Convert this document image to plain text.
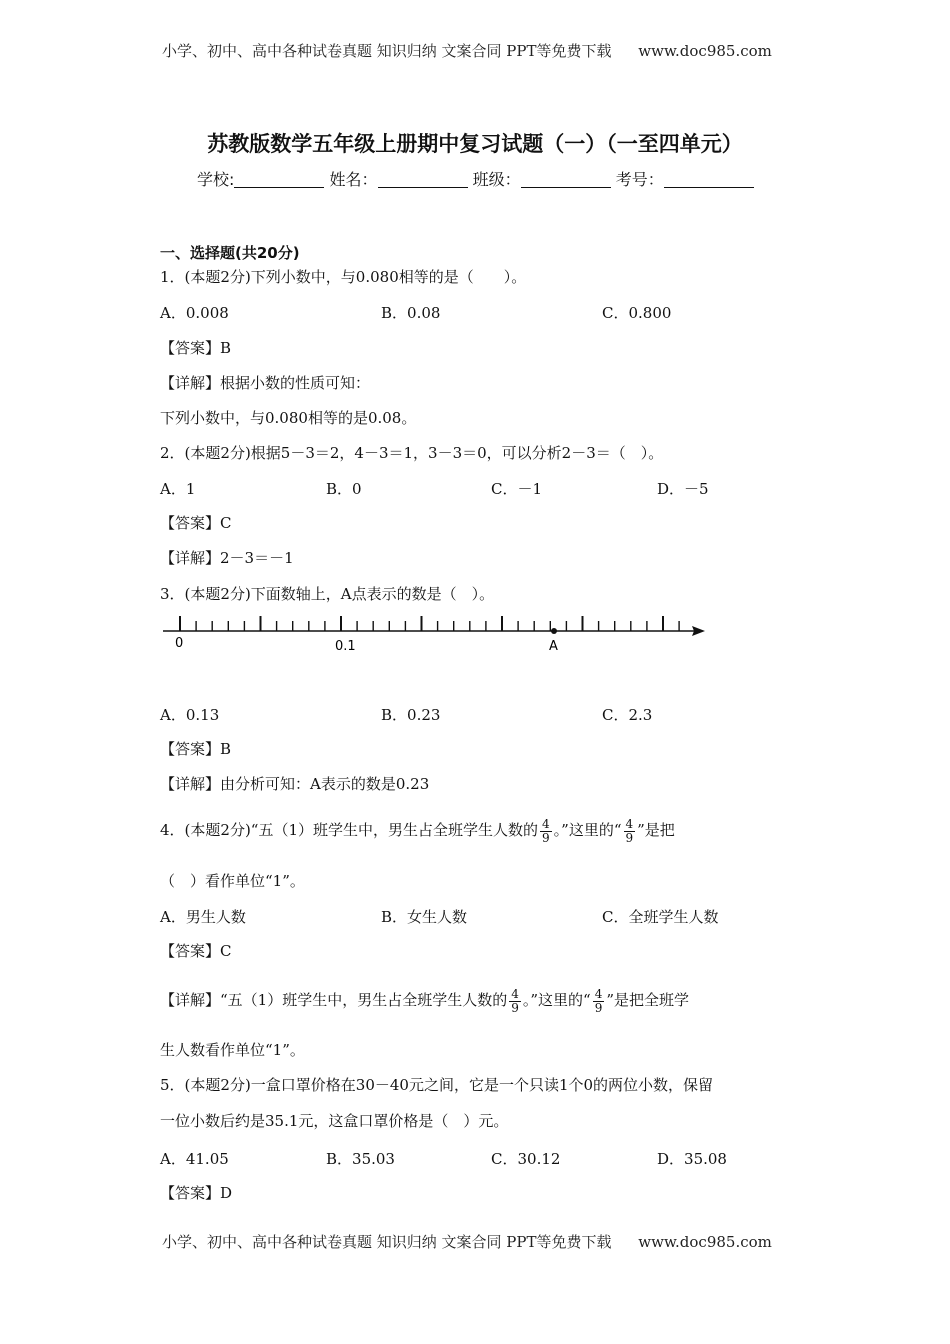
小学、初中、高中各种试卷真题 知识归纳 文案合同 PPT等免费下载 www.doc985.com
苏教版数学五年级上册期中复习试题（一）（一至四单元）
学校:	姓名：	班级：	考号：
一、选择题(共20分)
1．(本题2分)下列小数中，与0.080相等的是（　　）。
A．0.008	B．0.08	C．0.800
【答案】B
【详解】根据小数的性质可知：
下列小数中，与0.080相等的是0.08。
2．(本题2分)根据5－3＝2，4－3＝1，3－3＝0，可以分析2－3＝（　）。
A．1	B．0	C．－1	D．－5
【答案】C
【详解】2－3＝－1
3．(本题2分)下面数轴上，A点表示的数是（　）。
0	0.1	A
A．0.13	B．0.23	C．2.3
【答案】B
【详解】由分析可知：A表示的数是0.23
4．(本题2分)“五（1）班学生中，男生占全班学生人数的 $\frac{4}{9}$ 。”这里的“ $\frac{4}{9}$ ”是把
（　）看作单位“1”。
A．男生人数	B．女生人数	C．全班学生人数
【答案】C
【详解】“五（1）班学生中，男生占全班学生人数的 $\frac{4}{9}$ 。”这里的“ $\frac{4}{9}$ ”是把全班学
生人数看作单位“1”。
5．(本题2分)一盒口罩价格在30－40元之间，它是一个只读1个0的两位小数，保留
一位小数后约是35.1元，这盒口罩价格是（　）元。
A．41.05	B．35.03	C．30.12	D．35.08
【答案】D
小学、初中、高中各种试卷真题 知识归纳 文案合同 PPT等免费下载 www.doc985.com
